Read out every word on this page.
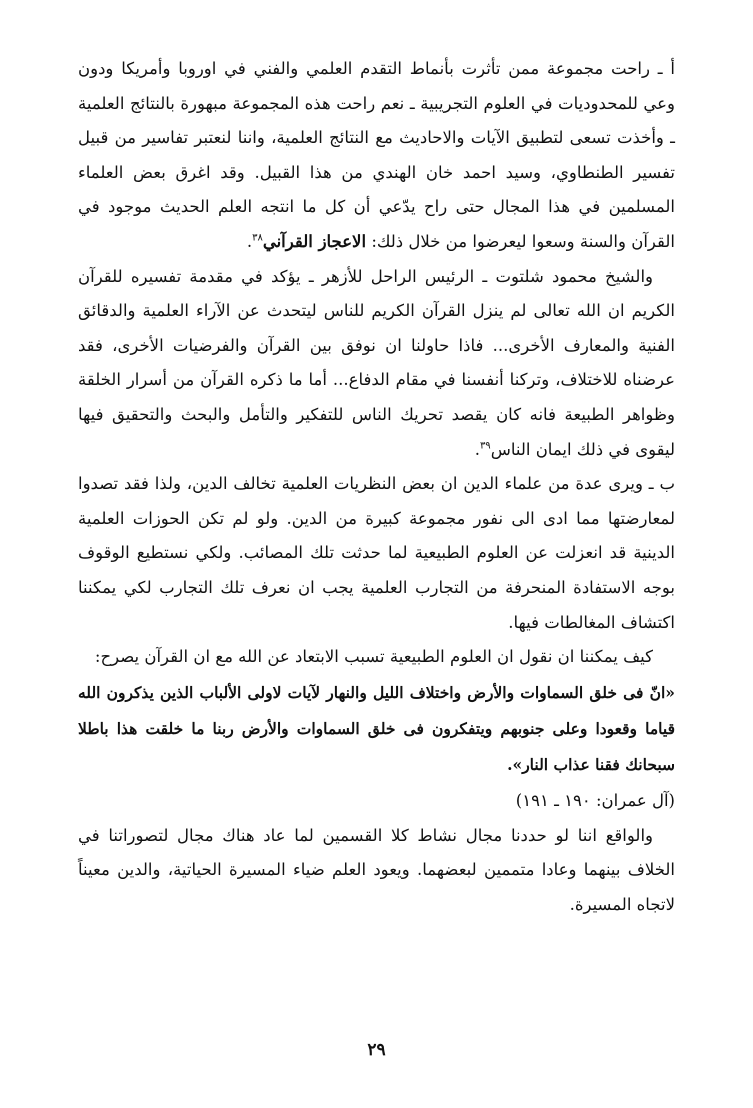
أ ـ راحت مجموعة ممن تأثرت بأنماط التقدم العلمي والفني في اوروبا وأمريكا ودون وعي للمحدوديات في العلوم التجريبية ـ نعم راحت هذه المجموعة مبهورة بالنتائج العلمية ـ وأخذت تسعى لتطبيق الآيات والاحاديث مع النتائج العلمية، واننا لنعتبر تفاسير من قبيل تفسير الطنطاوي، وسيد احمد خان الهندي من هذا القبيل. وقد اغرق بعض العلماء المسلمين في هذا المجال حتى راح يدّعي أن كل ما انتجه العلم الحديث موجود في القرآن والسنة وسعوا ليعرضوا من خلال ذلك: الاعجاز القرآني$^{٣٨}$.

والشيخ محمود شلتوت ـ الرئيس الراحل للأزهر ـ يؤكد في مقدمة تفسيره للقرآن الكريم ان الله تعالى لم ينزل القرآن الكريم للناس ليتحدث عن الآراء العلمية والدقائق الفنية والمعارف الأخرى... فاذا حاولنا ان نوفق بين القرآن والفرضيات الأخرى، فقد عرضناه للاختلاف، وتركنا أنفسنا في مقام الدفاع... أما ما ذكره القرآن من أسرار الخلقة وظواهر الطبيعة فانه كان يقصد تحريك الناس للتفكير والتأمل والبحث والتحقيق فيها ليقوى في ذلك ايمان الناس$^{٣٩}$.

ب ـ ويرى عدة من علماء الدين ان بعض النظريات العلمية تخالف الدين، ولذا فقد تصدوا لمعارضتها مما ادى الى نفور مجموعة كبيرة من الدين. ولو لم تكن الحوزات العلمية الدينية قد انعزلت عن العلوم الطبيعية لما حدثت تلك المصائب. ولكي نستطيع الوقوف بوجه الاستفادة المنحرفة من التجارب العلمية يجب ان نعرف تلك التجارب لكي يمكننا اكتشاف المغالطات فيها.

كيف يمكننا ان نقول ان العلوم الطبيعية تسبب الابتعاد عن الله مع ان القرآن يصرح:

«انّ فى خلق السماوات والأرض واختلاف الليل والنهار لآيات لاولى الألباب الذين يذكرون الله قياما وقعودا وعلى جنوبهم ويتفكرون فى خلق السماوات والأرض ربنا ما خلقت هذا باطلا سبحانك فقنا عذاب النار».

(آل عمران: ١٩٠ ـ ١٩١)

والواقع اننا لو حددنا مجال نشاط كلا القسمين لما عاد هناك مجال لتصوراتنا في الخلاف بينهما وعادا متممين لبعضهما. ويعود العلم ضياء المسيرة الحياتية، والدين معيناً لاتجاه المسيرة.

٢٩
